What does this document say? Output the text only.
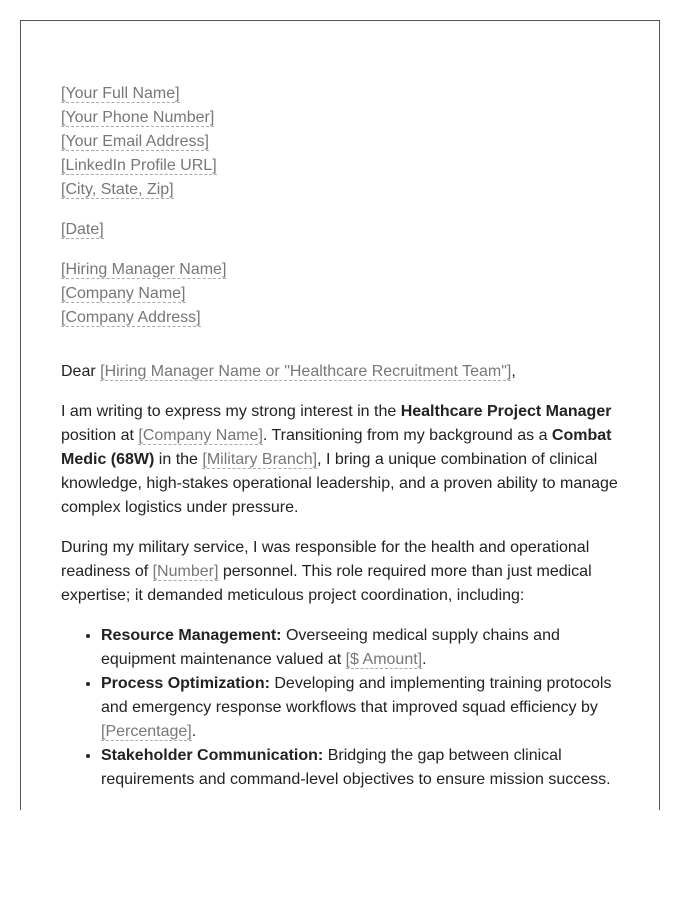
[Your Full Name]
[Your Phone Number]
[Your Email Address]
[LinkedIn Profile URL]
[City, State, Zip]
[Date]
[Hiring Manager Name]
[Company Name]
[Company Address]

Dear [Hiring Manager Name or "Healthcare Recruitment Team"],

I am writing to express my strong interest in the Healthcare Project Manager position at [Company Name]. Transitioning from my background as a Combat Medic (68W) in the [Military Branch], I bring a unique combination of clinical knowledge, high-stakes operational leadership, and a proven ability to manage complex logistics under pressure.

During my military service, I was responsible for the health and operational readiness of [Number] personnel. This role required more than just medical expertise; it demanded meticulous project coordination, including:

• Resource Management: Overseeing medical supply chains and equipment maintenance valued at [$ Amount].
• Process Optimization: Developing and implementing training protocols and emergency response workflows that improved squad efficiency by [Percentage].
• Stakeholder Communication: Bridging the gap between clinical requirements and command-level objectives to ensure mission success.
